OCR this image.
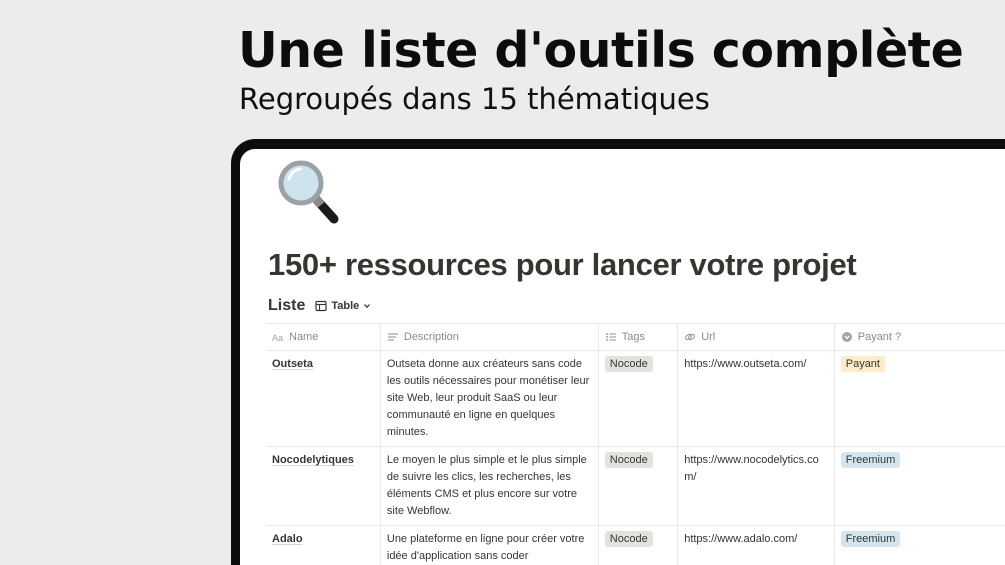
Une liste d'outils complète
Regroupés dans 15 thématiques
150+ ressources pour lancer votre projet
Liste Table
Aa Name	Description	Tags	Url	Payant ?

Outseta	Outseta donne aux créateurs sans code les outils nécessaires pour monétiser leur site Web, leur produit SaaS ou leur communauté en ligne en quelques minutes.	Nocode	https://www.outseta.com/	Payant
Nocodelytiques	Le moyen le plus simple et le plus simple de suivre les clics, les recherches, les éléments CMS et plus encore sur votre site Webflow.	Nocode	https://www.nocodelytics.com/	Freemium
Adalo	Une plateforme en ligne pour créer votre idée d'application sans coder	Nocode	https://www.adalo.com/	Freemium
